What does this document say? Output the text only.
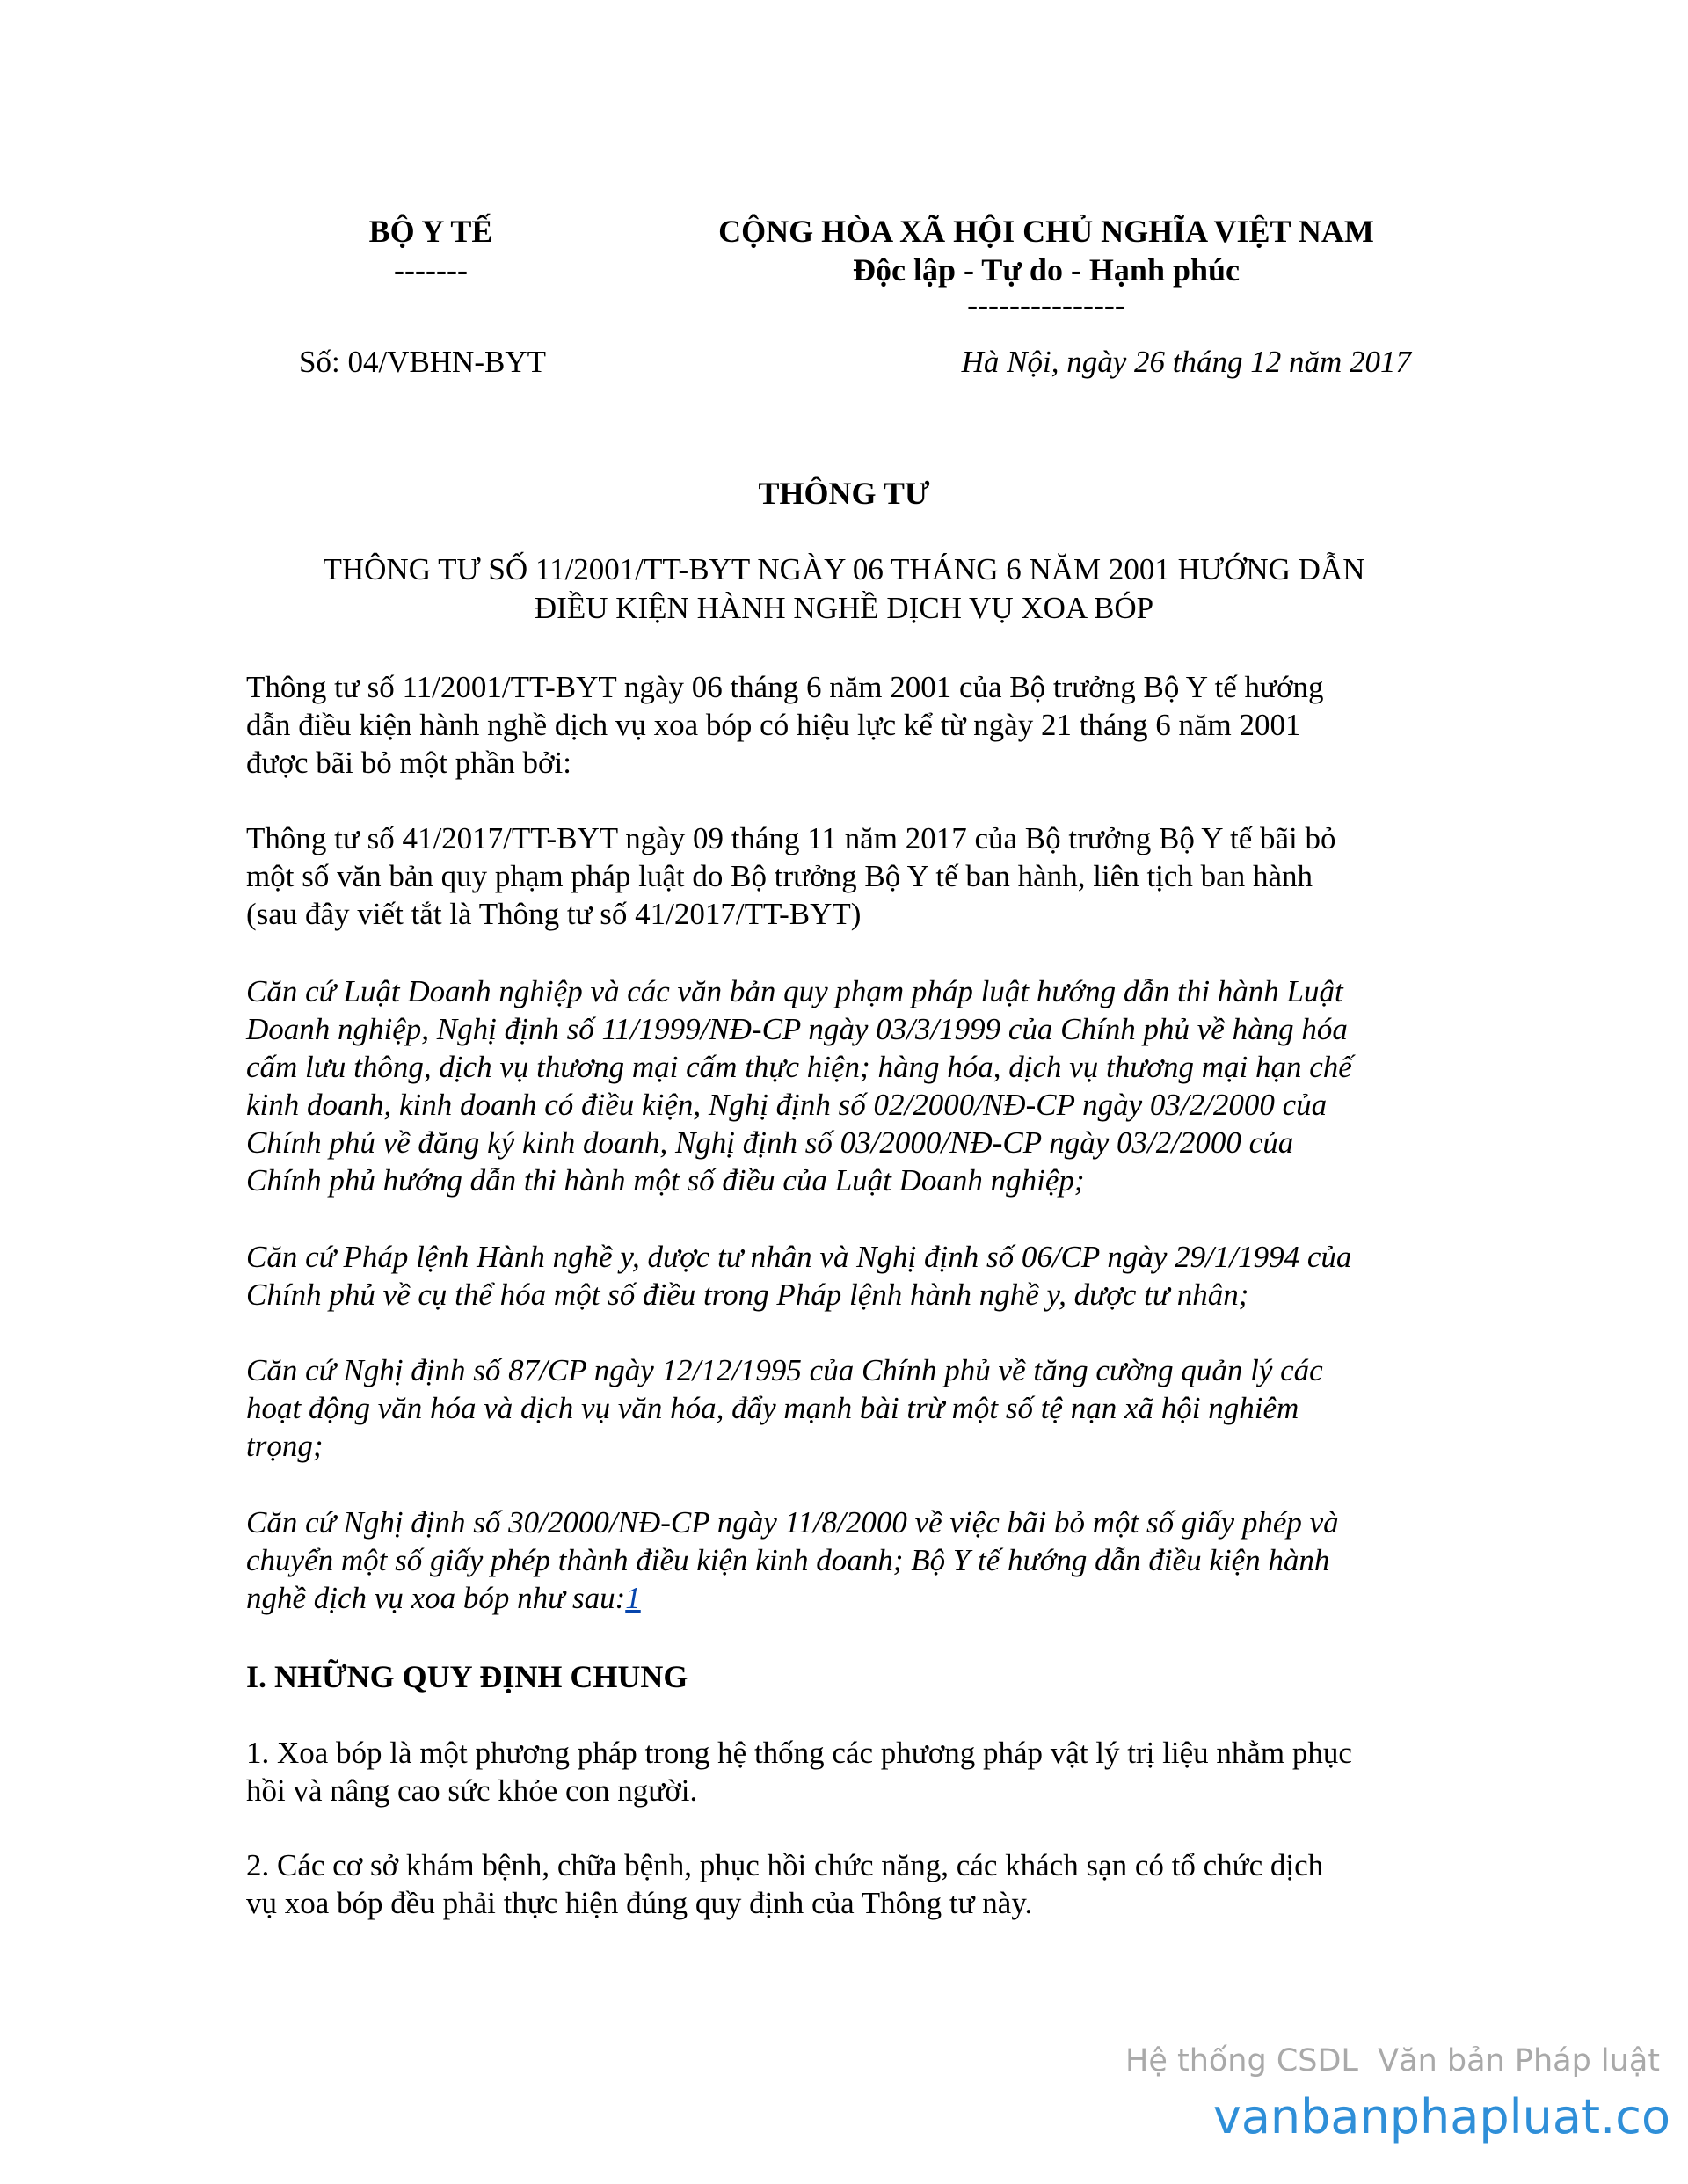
BỘ Y TẾ
-------
CỘNG HÒA XÃ HỘI CHỦ NGHĨA VIỆT NAM
Độc lập - Tự do - Hạnh phúc
---------------
Số: 04/VBHN-BYT	Hà Nội, ngày 26 tháng 12 năm 2017
THÔNG TƯ
THÔNG TƯ SỐ 11/2001/TT-BYT NGÀY 06 THÁNG 6 NĂM 2001 HƯỚNG DẪN
ĐIỀU KIỆN HÀNH NGHỀ DỊCH VỤ XOA BÓP
Thông tư số 11/2001/TT-BYT ngày 06 tháng 6 năm 2001 của Bộ trưởng Bộ Y tế hướng
dẫn điều kiện hành nghề dịch vụ xoa bóp có hiệu lực kể từ ngày 21 tháng 6 năm 2001
được bãi bỏ một phần bởi:
Thông tư số 41/2017/TT-BYT ngày 09 tháng 11 năm 2017 của Bộ trưởng Bộ Y tế bãi bỏ
một số văn bản quy phạm pháp luật do Bộ trưởng Bộ Y tế ban hành, liên tịch ban hành
(sau đây viết tắt là Thông tư số 41/2017/TT-BYT)
Căn cứ Luật Doanh nghiệp và các văn bản quy phạm pháp luật hướng dẫn thi hành Luật
Doanh nghiệp, Nghị định số 11/1999/NĐ-CP ngày 03/3/1999 của Chính phủ về hàng hóa
cấm lưu thông, dịch vụ thương mại cấm thực hiện; hàng hóa, dịch vụ thương mại hạn chế
kinh doanh, kinh doanh có điều kiện, Nghị định số 02/2000/NĐ-CP ngày 03/2/2000 của
Chính phủ về đăng ký kinh doanh, Nghị định số 03/2000/NĐ-CP ngày 03/2/2000 của
Chính phủ hướng dẫn thi hành một số điều của Luật Doanh nghiệp;
Căn cứ Pháp lệnh Hành nghề y, dược tư nhân và Nghị định số 06/CP ngày 29/1/1994 của
Chính phủ về cụ thể hóa một số điều trong Pháp lệnh hành nghề y, dược tư nhân;
Căn cứ Nghị định số 87/CP ngày 12/12/1995 của Chính phủ về tăng cường quản lý các
hoạt động văn hóa và dịch vụ văn hóa, đẩy mạnh bài trừ một số tệ nạn xã hội nghiêm
trọng;
Căn cứ Nghị định số 30/2000/NĐ-CP ngày 11/8/2000 về việc bãi bỏ một số giấy phép và
chuyển một số giấy phép thành điều kiện kinh doanh; Bộ Y tế hướng dẫn điều kiện hành
nghề dịch vụ xoa bóp như sau:1
I. NHỮNG QUY ĐỊNH CHUNG
1. Xoa bóp là một phương pháp trong hệ thống các phương pháp vật lý trị liệu nhằm phục
hồi và nâng cao sức khỏe con người.
2. Các cơ sở khám bệnh, chữa bệnh, phục hồi chức năng, các khách sạn có tổ chức dịch
vụ xoa bóp đều phải thực hiện đúng quy định của Thông tư này.
Hệ thống CSDL  Văn bản Pháp luật
vanbanphapluat.co
